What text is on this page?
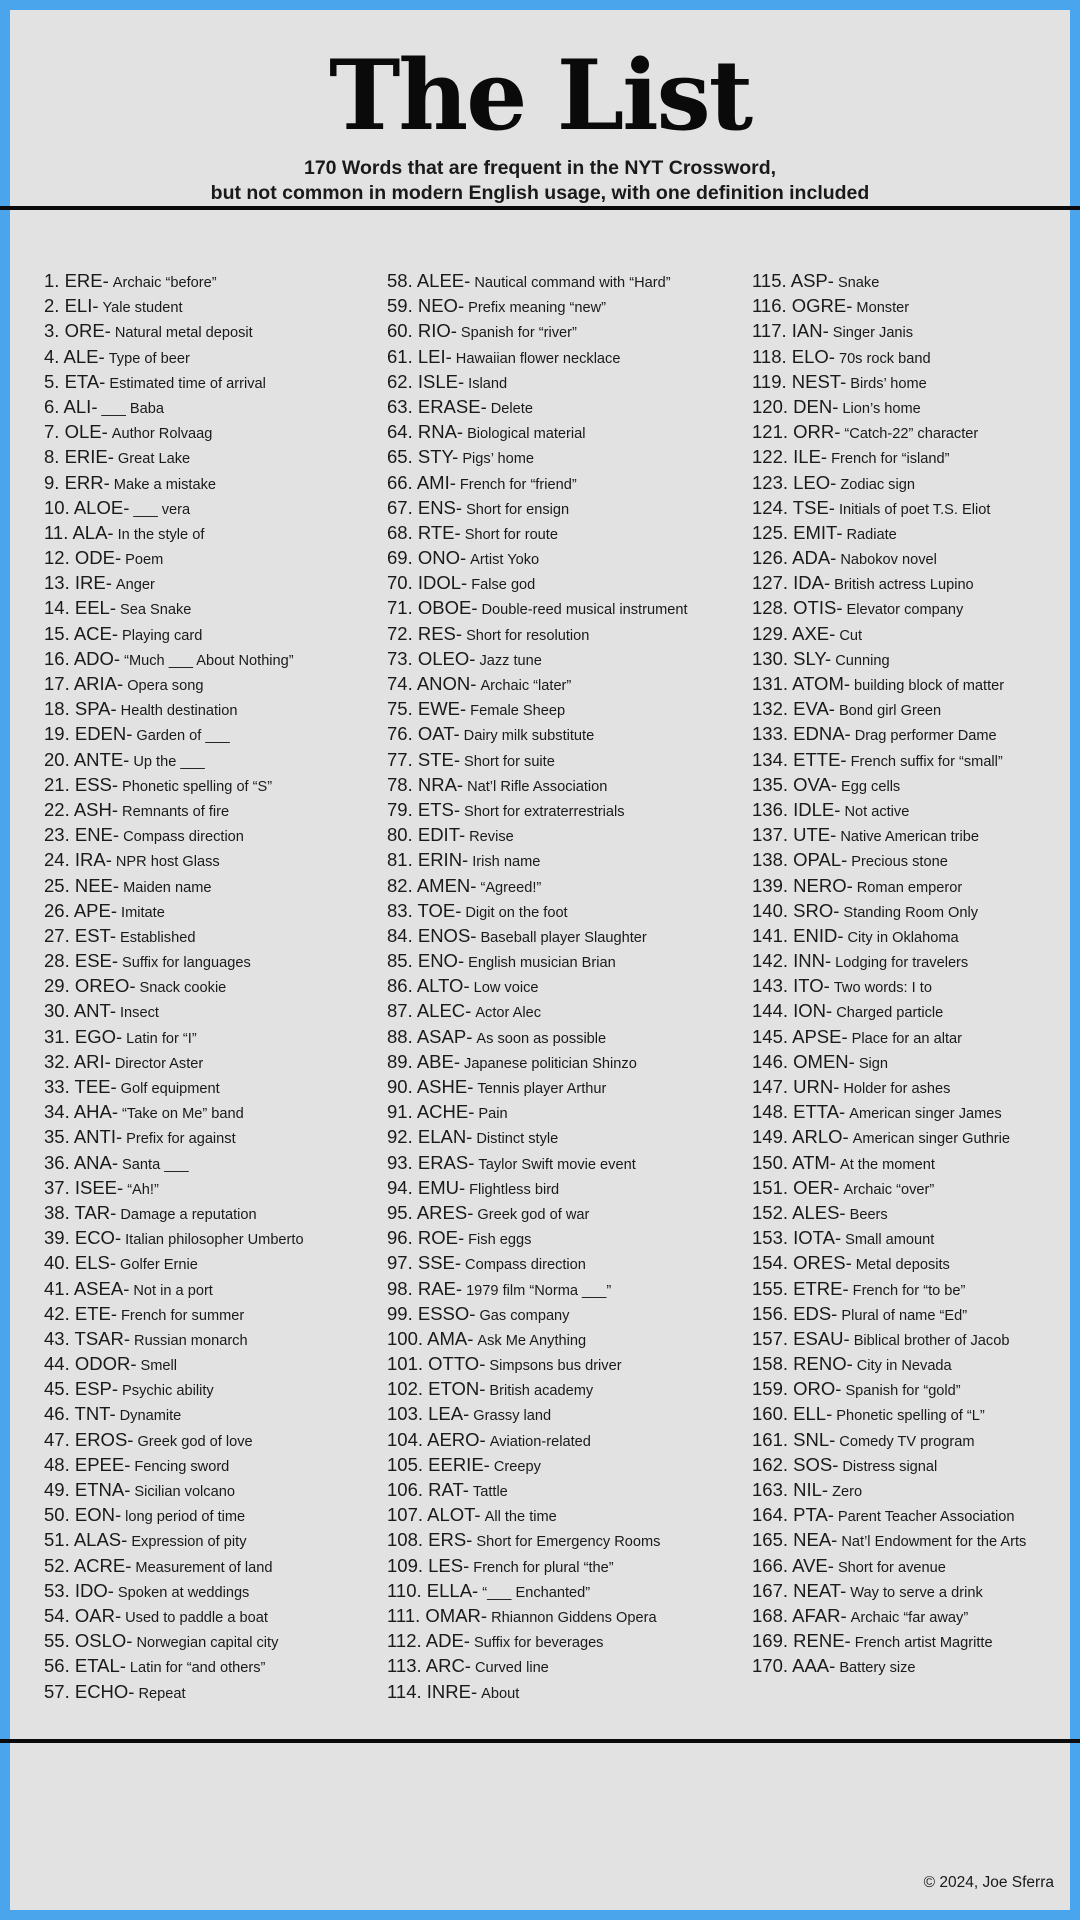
The List
170 Words that are frequent in the NYT Crossword,
but not common in modern English usage, with one definition included
1. ERE- Archaic “before”
2. ELI- Yale student
3. ORE- Natural metal deposit
4. ALE- Type of beer
5. ETA- Estimated time of arrival
6. ALI- ___ Baba
7. OLE- Author Rolvaag
8. ERIE- Great Lake
9. ERR- Make a mistake
10. ALOE- ___ vera
11. ALA- In the style of
12. ODE- Poem
13. IRE- Anger
14. EEL- Sea Snake
15. ACE- Playing card
16. ADO- “Much ___ About Nothing”
17. ARIA- Opera song
18. SPA- Health destination
19. EDEN- Garden of ___
20. ANTE- Up the ___
21. ESS- Phonetic spelling of “S”
22. ASH- Remnants of fire
23. ENE- Compass direction
24. IRA- NPR host Glass
25. NEE- Maiden name
26. APE- Imitate
27. EST- Established
28. ESE- Suffix for languages
29. OREO- Snack cookie
30. ANT- Insect
31. EGO- Latin for “I”
32. ARI- Director Aster
33. TEE- Golf equipment
34. AHA- “Take on Me” band
35. ANTI- Prefix for against
36. ANA- Santa ___
37. ISEE- “Ah!”
38. TAR- Damage a reputation
39. ECO- Italian philosopher Umberto
40. ELS- Golfer Ernie
41. ASEA- Not in a port
42. ETE- French for summer
43. TSAR- Russian monarch
44. ODOR- Smell
45. ESP- Psychic ability
46. TNT- Dynamite
47. EROS- Greek god of love
48. EPEE- Fencing sword
49. ETNA- Sicilian volcano
50. EON- long period of time
51. ALAS- Expression of pity
52. ACRE- Measurement of land
53. IDO- Spoken at weddings
54. OAR- Used to paddle a boat
55. OSLO- Norwegian capital city
56. ETAL- Latin for “and others”
57. ECHO- Repeat
58. ALEE- Nautical command with “Hard”
59. NEO- Prefix meaning “new”
60. RIO- Spanish for “river”
61. LEI- Hawaiian flower necklace
62. ISLE- Island
63. ERASE- Delete
64. RNA- Biological material
65. STY- Pigs’ home
66. AMI- French for “friend”
67. ENS- Short for ensign
68. RTE- Short for route
69. ONO- Artist Yoko
70. IDOL- False god
71. OBOE- Double-reed musical instrument
72. RES- Short for resolution
73. OLEO- Jazz tune
74. ANON- Archaic “later”
75. EWE- Female Sheep
76. OAT- Dairy milk substitute
77. STE- Short for suite
78. NRA- Nat’l Rifle Association
79. ETS- Short for extraterrestrials
80. EDIT- Revise
81. ERIN- Irish name
82. AMEN- “Agreed!”
83. TOE- Digit on the foot
84. ENOS- Baseball player Slaughter
85. ENO- English musician Brian
86. ALTO- Low voice
87. ALEC- Actor Alec
88. ASAP- As soon as possible
89. ABE- Japanese politician Shinzo
90. ASHE- Tennis player Arthur
91. ACHE- Pain
92. ELAN- Distinct style
93. ERAS- Taylor Swift movie event
94. EMU- Flightless bird
95. ARES- Greek god of war
96. ROE- Fish eggs
97. SSE- Compass direction
98. RAE- 1979 film “Norma ___”
99. ESSO- Gas company
100. AMA- Ask Me Anything
101. OTTO- Simpsons bus driver
102. ETON- British academy
103. LEA- Grassy land
104. AERO- Aviation-related
105. EERIE- Creepy
106. RAT- Tattle
107. ALOT- All the time
108. ERS- Short for Emergency Rooms
109. LES- French for plural “the”
110. ELLA- “___ Enchanted”
111. OMAR- Rhiannon Giddens Opera
112. ADE- Suffix for beverages
113. ARC- Curved line
114. INRE- About
115. ASP- Snake
116. OGRE- Monster
117. IAN- Singer Janis
118. ELO- 70s rock band
119. NEST- Birds’ home
120. DEN- Lion’s home
121. ORR- “Catch-22” character
122. ILE- French for “island”
123. LEO- Zodiac sign
124. TSE- Initials of poet T.S. Eliot
125. EMIT- Radiate
126. ADA- Nabokov novel
127. IDA- British actress Lupino
128. OTIS- Elevator company
129. AXE- Cut
130. SLY- Cunning
131. ATOM- building block of matter
132. EVA- Bond girl Green
133. EDNA- Drag performer Dame
134. ETTE- French suffix for “small”
135. OVA- Egg cells
136. IDLE- Not active
137. UTE- Native American tribe
138. OPAL- Precious stone
139. NERO- Roman emperor
140. SRO- Standing Room Only
141. ENID- City in Oklahoma
142. INN- Lodging for travelers
143. ITO- Two words: I to
144. ION- Charged particle
145. APSE- Place for an altar
146. OMEN- Sign
147. URN- Holder for ashes
148. ETTA- American singer James
149. ARLO- American singer Guthrie
150. ATM- At the moment
151. OER- Archaic “over”
152. ALES- Beers
153. IOTA- Small amount
154. ORES- Metal deposits
155. ETRE- French for “to be”
156. EDS- Plural of name “Ed”
157. ESAU- Biblical brother of Jacob
158. RENO- City in Nevada
159. ORO- Spanish for “gold”
160. ELL- Phonetic spelling of “L”
161. SNL- Comedy TV program
162. SOS- Distress signal
163. NIL- Zero
164. PTA- Parent Teacher Association
165. NEA- Nat’l Endowment for the Arts
166. AVE- Short for avenue
167. NEAT- Way to serve a drink
168. AFAR- Archaic “far away”
169. RENE- French artist Magritte
170. AAA- Battery size
© 2024, Joe Sferra
